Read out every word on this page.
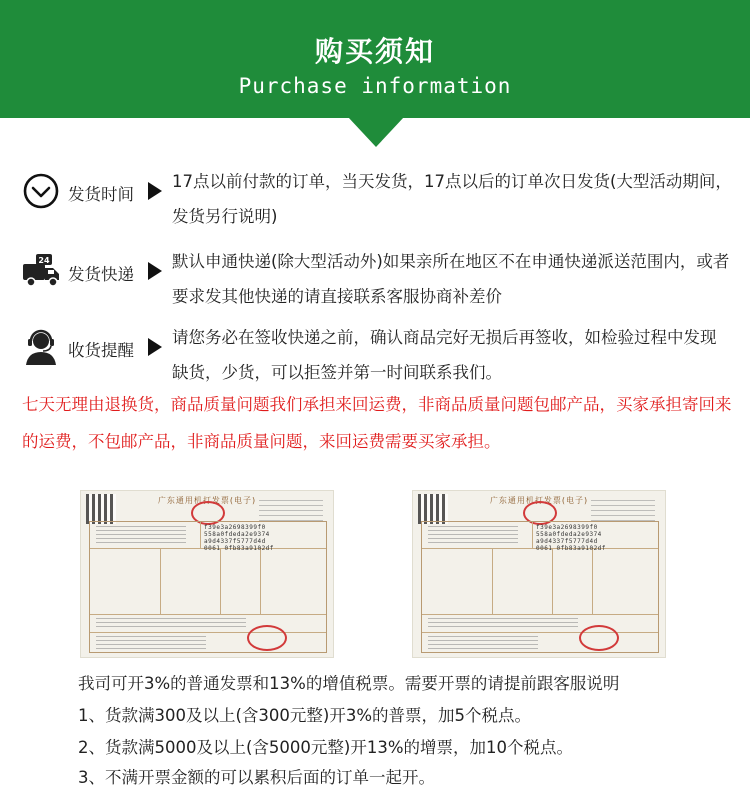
购买须知
Purchase information
发货时间
17点以前付款的订单，当天发货，17点以后的订单次日发货(大型活动期间，发货另行说明)
24
发货快递
默认申通快递(除大型活动外)如果亲所在地区不在申通快递派送范围内，或者要求发其他快递的请直接联系客服协商补差价
收货提醒
请您务必在签收快递之前，确认商品完好无损后再签收，如检验过程中发现缺货，少货，可以拒签并第一时间联系我们。
七天无理由退换货，商品质量问题我们承担来回运费，非商品质量问题包邮产品，买家承担寄回来的运费，不包邮产品，非商品质量问题，来回运费需要买家承担。
广东通用机打发票(电子)
f39e3a2698399f0
558a0fdeda2e9374
a9d4337f5777d4d
0061 0fb83a9102df
广东通用机打发票(电子)
f39e3a2698399f0
558a0fdeda2e9374
a9d4337f5777d4d
0061 0fb83a9102df
我司可开3%的普通发票和13%的增值税票。需要开票的请提前跟客服说明
1、货款满300及以上(含300元整)开3%的普票，加5个税点。
2、货款满5000及以上(含5000元整)开13%的增票，加10个税点。
3、不满开票金额的可以累积后面的订单一起开。
